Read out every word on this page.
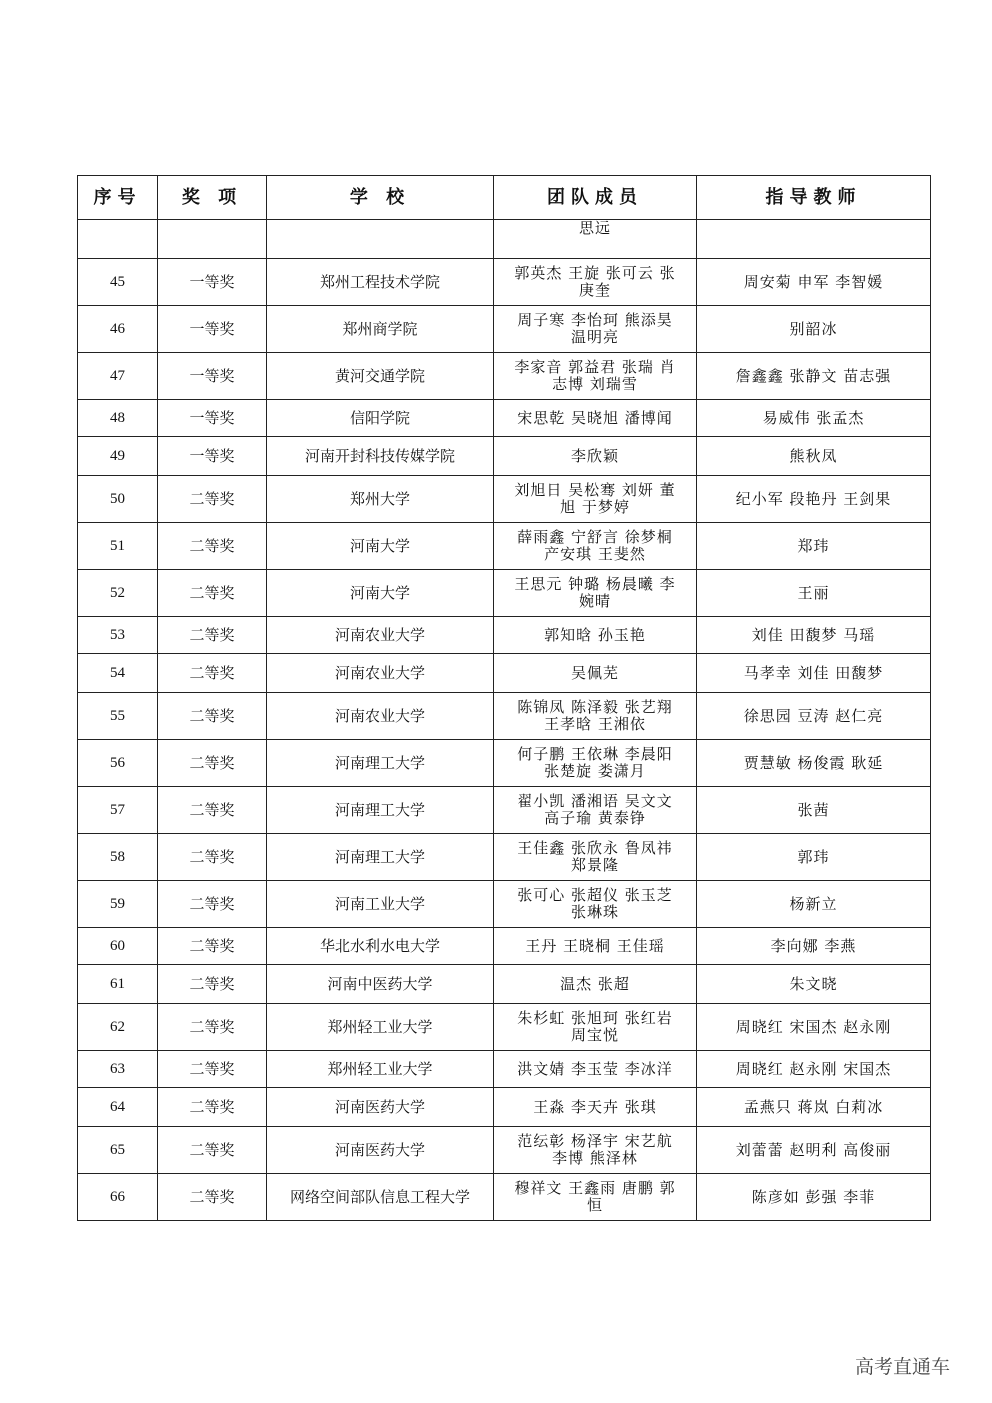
序号	奖 项	学 校	团队成员	指导教师
			思远	
45	一等奖	郑州工程技术学院	郭英杰 王旋 张可云 张庚奎	周安菊 申军 李智媛
46	一等奖	郑州商学院	周子寒 李怡珂 熊添昊 温明亮	别韶冰
47	一等奖	黄河交通学院	李家音 郭益君 张瑞 肖志博 刘瑞雪	詹鑫鑫 张静文 苗志强
48	一等奖	信阳学院	宋思乾 吴晓旭 潘博闻	易威伟 张孟杰
49	一等奖	河南开封科技传媒学院	李欣颖	熊秋凤
50	二等奖	郑州大学	刘旭日 吴松骞 刘妍 董旭 于梦婷	纪小军 段艳丹 王剑果
51	二等奖	河南大学	薛雨鑫 宁舒言 徐梦桐 产安琪 王斐然	郑玮
52	二等奖	河南大学	王思元 钟璐 杨晨曦 李婉晴	王丽
53	二等奖	河南农业大学	郭知晗 孙玉艳	刘佳 田馥梦 马瑶
54	二等奖	河南农业大学	吴佩芜	马孝幸 刘佳 田馥梦
55	二等奖	河南农业大学	陈锦凤 陈泽毅 张艺翔 王孝晗 王湘依	徐思园 豆涛 赵仁亮
56	二等奖	河南理工大学	何子鹏 王依琳 李晨阳 张楚旋 娄潇月	贾慧敏 杨俊霞 耿延
57	二等奖	河南理工大学	翟小凯 潘湘语 吴文文 高子瑜 黄泰铮	张茜
58	二等奖	河南理工大学	王佳鑫 张欣永 鲁凤祎 郑景隆	郭玮
59	二等奖	河南工业大学	张可心 张超仪 张玉芝 张琳珠	杨新立
60	二等奖	华北水利水电大学	王丹 王晓桐 王佳瑶	李向娜 李燕
61	二等奖	河南中医药大学	温杰 张超	朱文晓
62	二等奖	郑州轻工业大学	朱杉虹 张旭珂 张红岩 周宝悦	周晓红 宋国杰 赵永刚
63	二等奖	郑州轻工业大学	洪文婧 李玉莹 李冰洋	周晓红 赵永刚 宋国杰
64	二等奖	河南医药大学	王淼 李天卉 张琪	孟燕只 蒋岚 白莉冰
65	二等奖	河南医药大学	范纭彰 杨泽宇 宋艺航 李博 熊泽林	刘蕾蕾 赵明利 高俊丽
66	二等奖	网络空间部队信息工程大学	穆祥文 王鑫雨 唐鹏 郭恒	陈彦如 彭强 李菲
高考直通车
